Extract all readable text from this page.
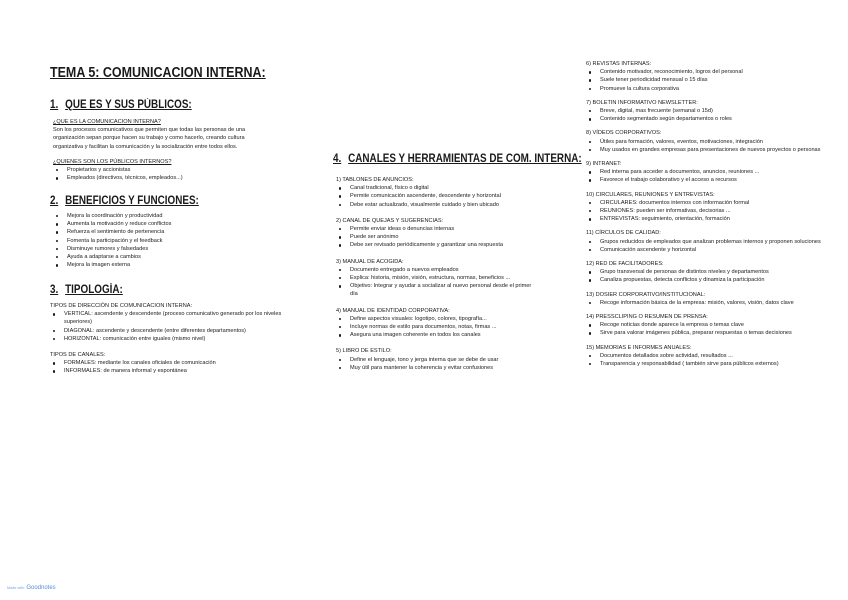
TEMA 5: COMUNICACION INTERNA:
1. QUE ES Y SUS PÚBLICOS:

¿QUE ES LA COMUNICACION INTERNA?

Son los procesos comunicativos que permiten que todas las personas de una

organización sepan porque hacen su trabajo y como hacerlo, creando cultura

organizativa y facilitan la comunicación y la socialización entre todos ellos.

¿QUIENES SON LOS PÚBLICOS INTERNOS?

Propietarios y accionistas
Empleados (directivos, técnicos, empleados...)
2. BENEFICIOS Y FUNCIONES:
Mejora la coordinación y productividad
Aumenta la motivación y reduce conflictos
Refuerza el sentimiento de pertenencia
Fomenta la participación y el feedback
Disminuye rumores y falsedades
Ayuda a adaptarse a cambios
Mejora la imagen externa
3. TIPOLOGÍA:

TIPOS DE DIRECCIÓN DE COMUNICACION INTERNA:

VERTICAL: ascendente y descendente (proceso comunicativo generado por los niveles superiores)
DIAGONAL: ascendente y descendente (entre diferentes departamentos)
HORIZONTAL: comunicación entre iguales (mismo nivel)

TIPOS DE CANALES:

FORMALES: mediante los canales oficiales de comunicación
INFORMALES: de manera informal y espontánea
4. CANALES Y HERRAMIENTAS DE COM. INTERNA:

1) TABLONES DE ANUNCIOS:

Canal tradicional, físico o digital
Permite comunicación ascendente, descendente y horizontal
Debe estar actualizado, visualmente cuidado y bien ubicado

2) CANAL DE QUEJAS Y SUGERENCIAS:

Permite enviar ideas o denuncias internas
Puede ser anónimo
Debe ser revisado periódicamente y garantizar una respuesta

3) MANUAL DE ACOGIDA:

Documento entregado a nuevos empleados
Explica: historia, misión, visión, estructura, normas, beneficios ...
Objetivo: Integrar y ayudar a socializar al nuevo personal desde el primer día

4) MANUAL DE IDENTIDAD CORPORATIVA:

Define aspectos visuales: logotipo, colores, tipografía...
Incluye normas de estilo para documentos, notas, firmas ...
Asegura una imagen coherente en todos los canales

5) LIBRO DE ESTILO:

Define el lenguaje, tono y jerga interna que se debe de usar
Muy útil para mantener la coherencia y evitar confusiones

6) REVISTAS INTERNAS:

Contenido motivador, reconocimiento, logros del personal
Suele tener periodicidad mensual o 15 días
Promueve la cultura corporativa

7) BOLETIN INFORMATIVO NEWSLETTER:

Breve, digital, mas frecuente (semanal o 15d)
Contenido segmentado según departamentos o roles

8) VÍDEOS CORPORATIVOS:

Útiles para formación, valores, eventos, motivaciones, integración
Muy usados en grandes empresas para presentaciones de nuevos proyectos o personas

9) INTRANET:

Red interna para acceder a documentos, anuncios, reuniones ...
Favorece el trabajo colaborativo y el acceso a recursos

10) CIRCULARES, REUNIONES Y ENTREVISTAS:

CIRCULARES: documentos internos con información formal
REUNIONES: pueden ser informativas, decisorias ...
ENTREVISTAS: seguimiento, orientación, formación

11) CÍRCULOS DE CALIDAD:

Grupos reducidos de empleados que analizan problemas internos y proponen soluciones
Comunicación ascendente y horizontal

12) RED DE FACILITADORES:

Grupo transversal de personas de distintos niveles y departamentos
Canaliza propuestas, detecta conflictos y dinamiza la participación

13) DOSIER CORPORATIVO/INSTITUCIONAL:

Recoge información básica de la empresa: misión, valores, visión, datos clave

14) PRESSCLIPING O RESUMEN DE PRENSA:

Recoge noticias donde aparece la empresa o temas clave
Sirve para valorar imágenes pública, preparar respuestas o temas decisiones

15) MEMORIAS E INFORMES ANUALES:

Documentos detallados sobre actividad, resultados ...
Transparencia y responsabilidad ( también sirve para públicos externos)
Made with Goodnotes
